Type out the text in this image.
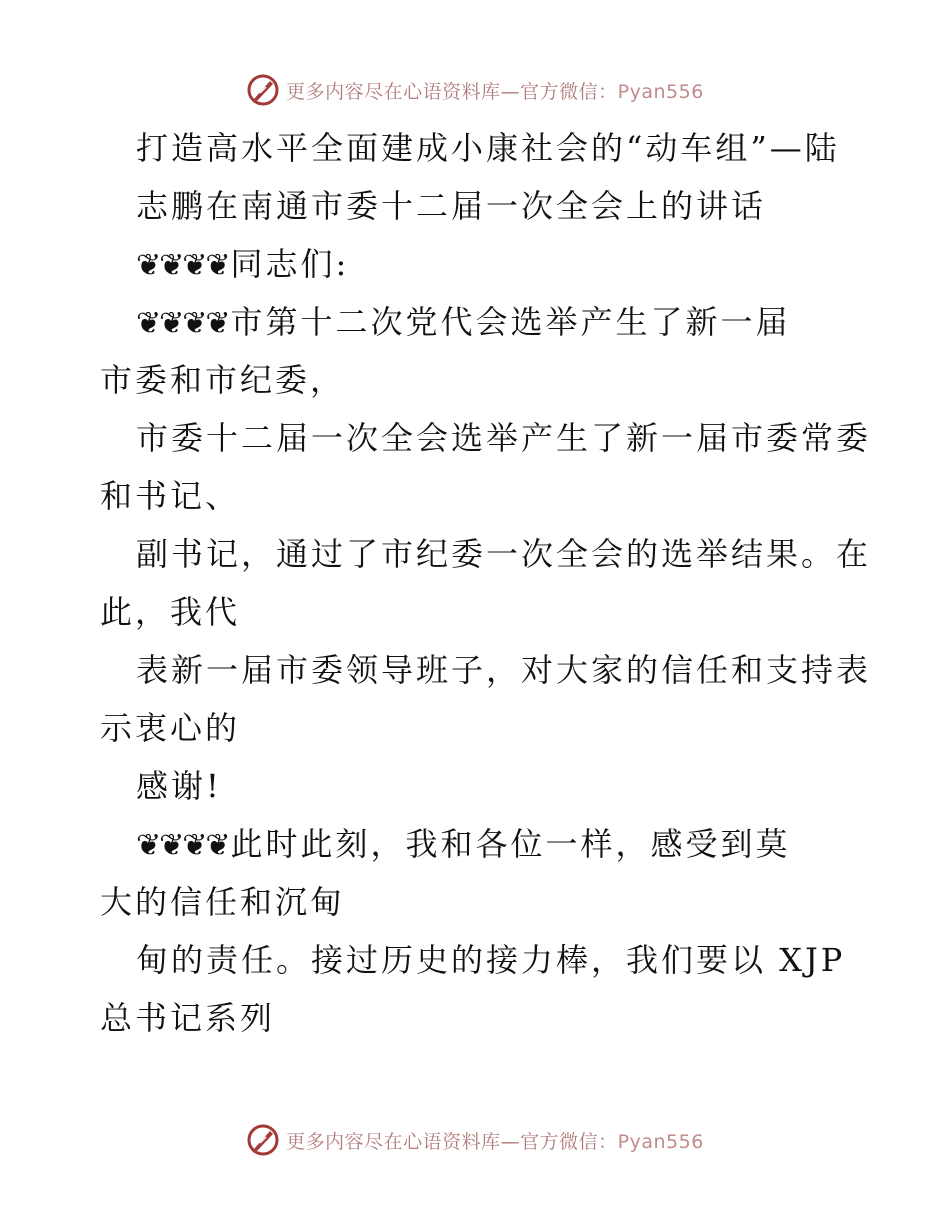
更多内容尽在心语资料库—官方微信：Pyan556
打造高水平全面建成小康社会的“动车组”—陆
志鹏在南通市委十二届一次全会上的讲话
❦❦❦❦同志们:
❦❦❦❦市第十二次党代会选举产生了新一届
市委和市纪委，
市委十二届一次全会选举产生了新一届市委常委
和书记、
副书记，通过了市纪委一次全会的选举结果。在
此，我代
表新一届市委领导班子，对大家的信任和支持表
示衷心的
感谢!
❦❦❦❦此时此刻，我和各位一样，感受到莫
大的信任和沉甸
甸的责任。接过历史的接力棒，我们要以 XJP
总书记系列
更多内容尽在心语资料库—官方微信：Pyan556
